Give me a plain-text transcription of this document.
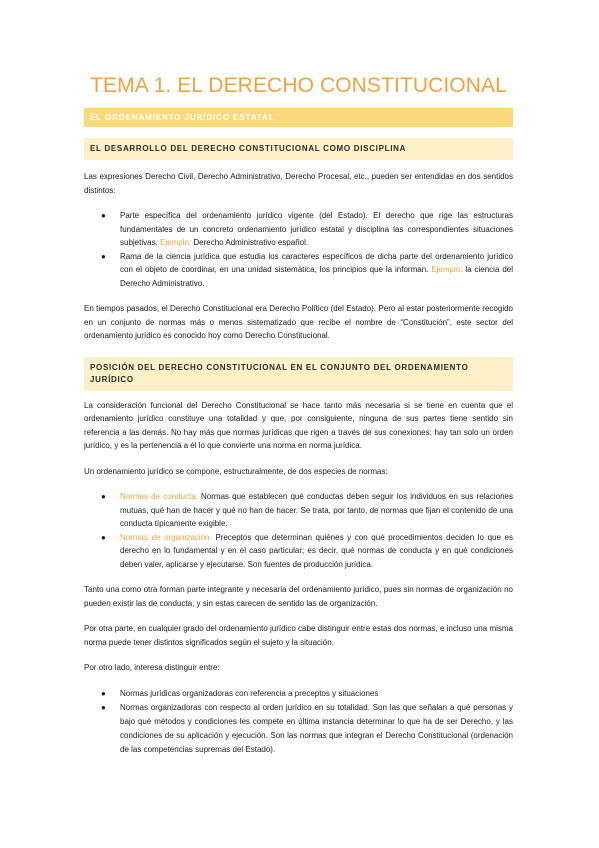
TEMA 1. EL DERECHO CONSTITUCIONAL
EL ORDENAMIENTO JURÍDICO ESTATAL
EL DESARROLLO DEL DERECHO CONSTITUCIONAL COMO DISCIPLINA

Las expresiones Derecho Civil, Derecho Administrativo, Derecho Procesal, etc., pueden ser entendidas en dos sentidos distintos:

● Parte específica del ordenamiento jurídico vigente (del Estado). El derecho que rige las estructuras fundamentales de un concreto ordenamiento jurídico estatal y disciplina las correspondientes situaciones subjetivas. Ejemplo: Derecho Administrativo español.
● Rama de la ciencia jurídica que estudia los caracteres específicos de dicha parte del ordenamiento jurídico con el objeto de coordinar, en una unidad sistemática, los principios que la informan. Ejemplo: la ciencia del Derecho Administrativo.

En tiempos pasados, el Derecho Constitucional era Derecho Político (del Estado). Pero al estar posteriormente recogido en un conjunto de normas más o menos sistematizado que recibe el nombre de “Constitución”, este sector del ordenamiento jurídico es conocido hoy como Derecho Constitucional.

POSICIÓN DEL DERECHO CONSTITUCIONAL EN EL CONJUNTO DEL ORDENAMIENTO JURÍDICO

La consideración funcional del Derecho Constitucional se hace tanto más necesaria si se tiene en cuenta que el ordenamiento jurídico constituye una totalidad y que, por consiguiente, ninguna de sus partes tiene sentido sin referencia a las demás. No hay más que normas jurídicas que rigen a través de sus conexiones; hay tan solo un orden jurídico, y es la pertenencia a él lo que convierte una norma en norma jurídica.

Un ordenamiento jurídico se compone, estructuralmente, de dos especies de normas:

● Normas de conducta. Normas que establecen qué conductas deben seguir los individuos en sus relaciones mutuas, qué han de hacer y qué no han de hacer. Se trata, por tanto, de normas que fijan el contenido de una conducta típicamente exigible.
● Normas de organización. Preceptos que determinan quiénes y con qué procedimientos deciden lo que es derecho en lo fundamental y en el caso particular; es decir, qué normas de conducta y en qué condiciones deben valer, aplicarse y ejecutarse. Son fuentes de producción jurídica.

Tanto una como otra forman parte integrante y necesaria del ordenamiento jurídico, pues sin normas de organización no pueden existir las de conducta, y sin estas carecen de sentido las de organización.

Por otra parte, en cualquier grado del ordenamiento jurídico cabe distinguir entre estas dos normas, e incluso una misma norma puede tener distintos significados según el sujeto y la situación.

Por otro lado, interesa distinguir entre:

● Normas jurídicas organizadoras con referencia a preceptos y situaciones
● Normas organizadoras con respecto al orden jurídico en su totalidad. Son las que señalan a qué personas y bajo qué métodos y condiciones les compete en última instancia determinar lo que ha de ser Derecho, y las condiciones de su aplicación y ejecución. Son las normas que integran el Derecho Constitucional (ordenación de las competencias supremas del Estado).
